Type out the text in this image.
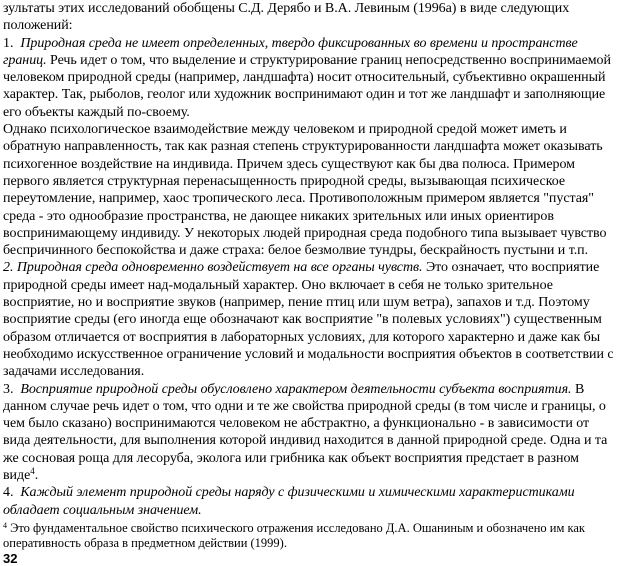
зультаты этих исследований обобщены С.Д. Дерябо и В.А. Левиным (1996а) в виде следующих положений:

1. Природная среда не имеет определенных, твердо фиксированных во времени и пространстве границ. Речь идет о том, что выделение и структурирование границ непосредственно воспринимаемой человеком природной среды (например, ландшафта) носит относительный, субъективно окрашенный характер. Так, рыболов, геолог или художник воспринимают один и тот же ландшафт и заполняющие его объекты каждый по-своему.

Однако психологическое взаимодействие между человеком и природной средой может иметь и обратную направленность, так как разная степень структурированности ландшафта может оказывать психогенное воздействие на индивида. Причем здесь существуют как бы два полюса. Примером первого является структурная перенасыщенность природной среды, вызывающая психическое переутомление, например, хаос тропического леса. Противоположным примером является "пустая" среда - это однообразие пространства, не дающее никаких зрительных или иных ориентиров воспринимающему индивиду. У некоторых людей природная среда подобного типа вызывает чувство беспричинного беспокойства и даже страха: белое безмолвие тундры, бескрайность пустыни и т.п.

2. Природная среда одновременно воздействует на все органы чувств. Это означает, что восприятие природной среды имеет над-модальный характер. Оно включает в себя не только зрительное восприятие, но и восприятие звуков (например, пение птиц или шум ветра), запахов и т.д. Поэтому восприятие среды (его иногда еще обозначают как восприятие "в полевых условиях") существенным образом отличается от восприятия в лабораторных условиях, для которого характерно и даже как бы необходимо искусственное ограничение условий и модальности восприятия объектов в соответствии с задачами исследования.

3. Восприятие природной среды обусловлено характером деятельности субъекта восприятия. В данном случае речь идет о том, что одни и те же свойства природной среды (в том числе и границы, о чем было сказано) воспринимаются человеком не абстрактно, а функционально - в зависимости от вида деятельности, для выполнения которой индивид находится в данной природной среде. Одна и та же сосновая роща для лесоруба, эколога или грибника как объект восприятия предстает в разном виде$^4$.

4. Каждый элемент природной среды наряду с физическими и химическими характеристиками обладает социальным значением.

$^4$ Это фундаментальное свойство психического отражения исследовано Д.А. Ошаниным и обозначено им как оперативность образа в предметном действии (1999).
32
